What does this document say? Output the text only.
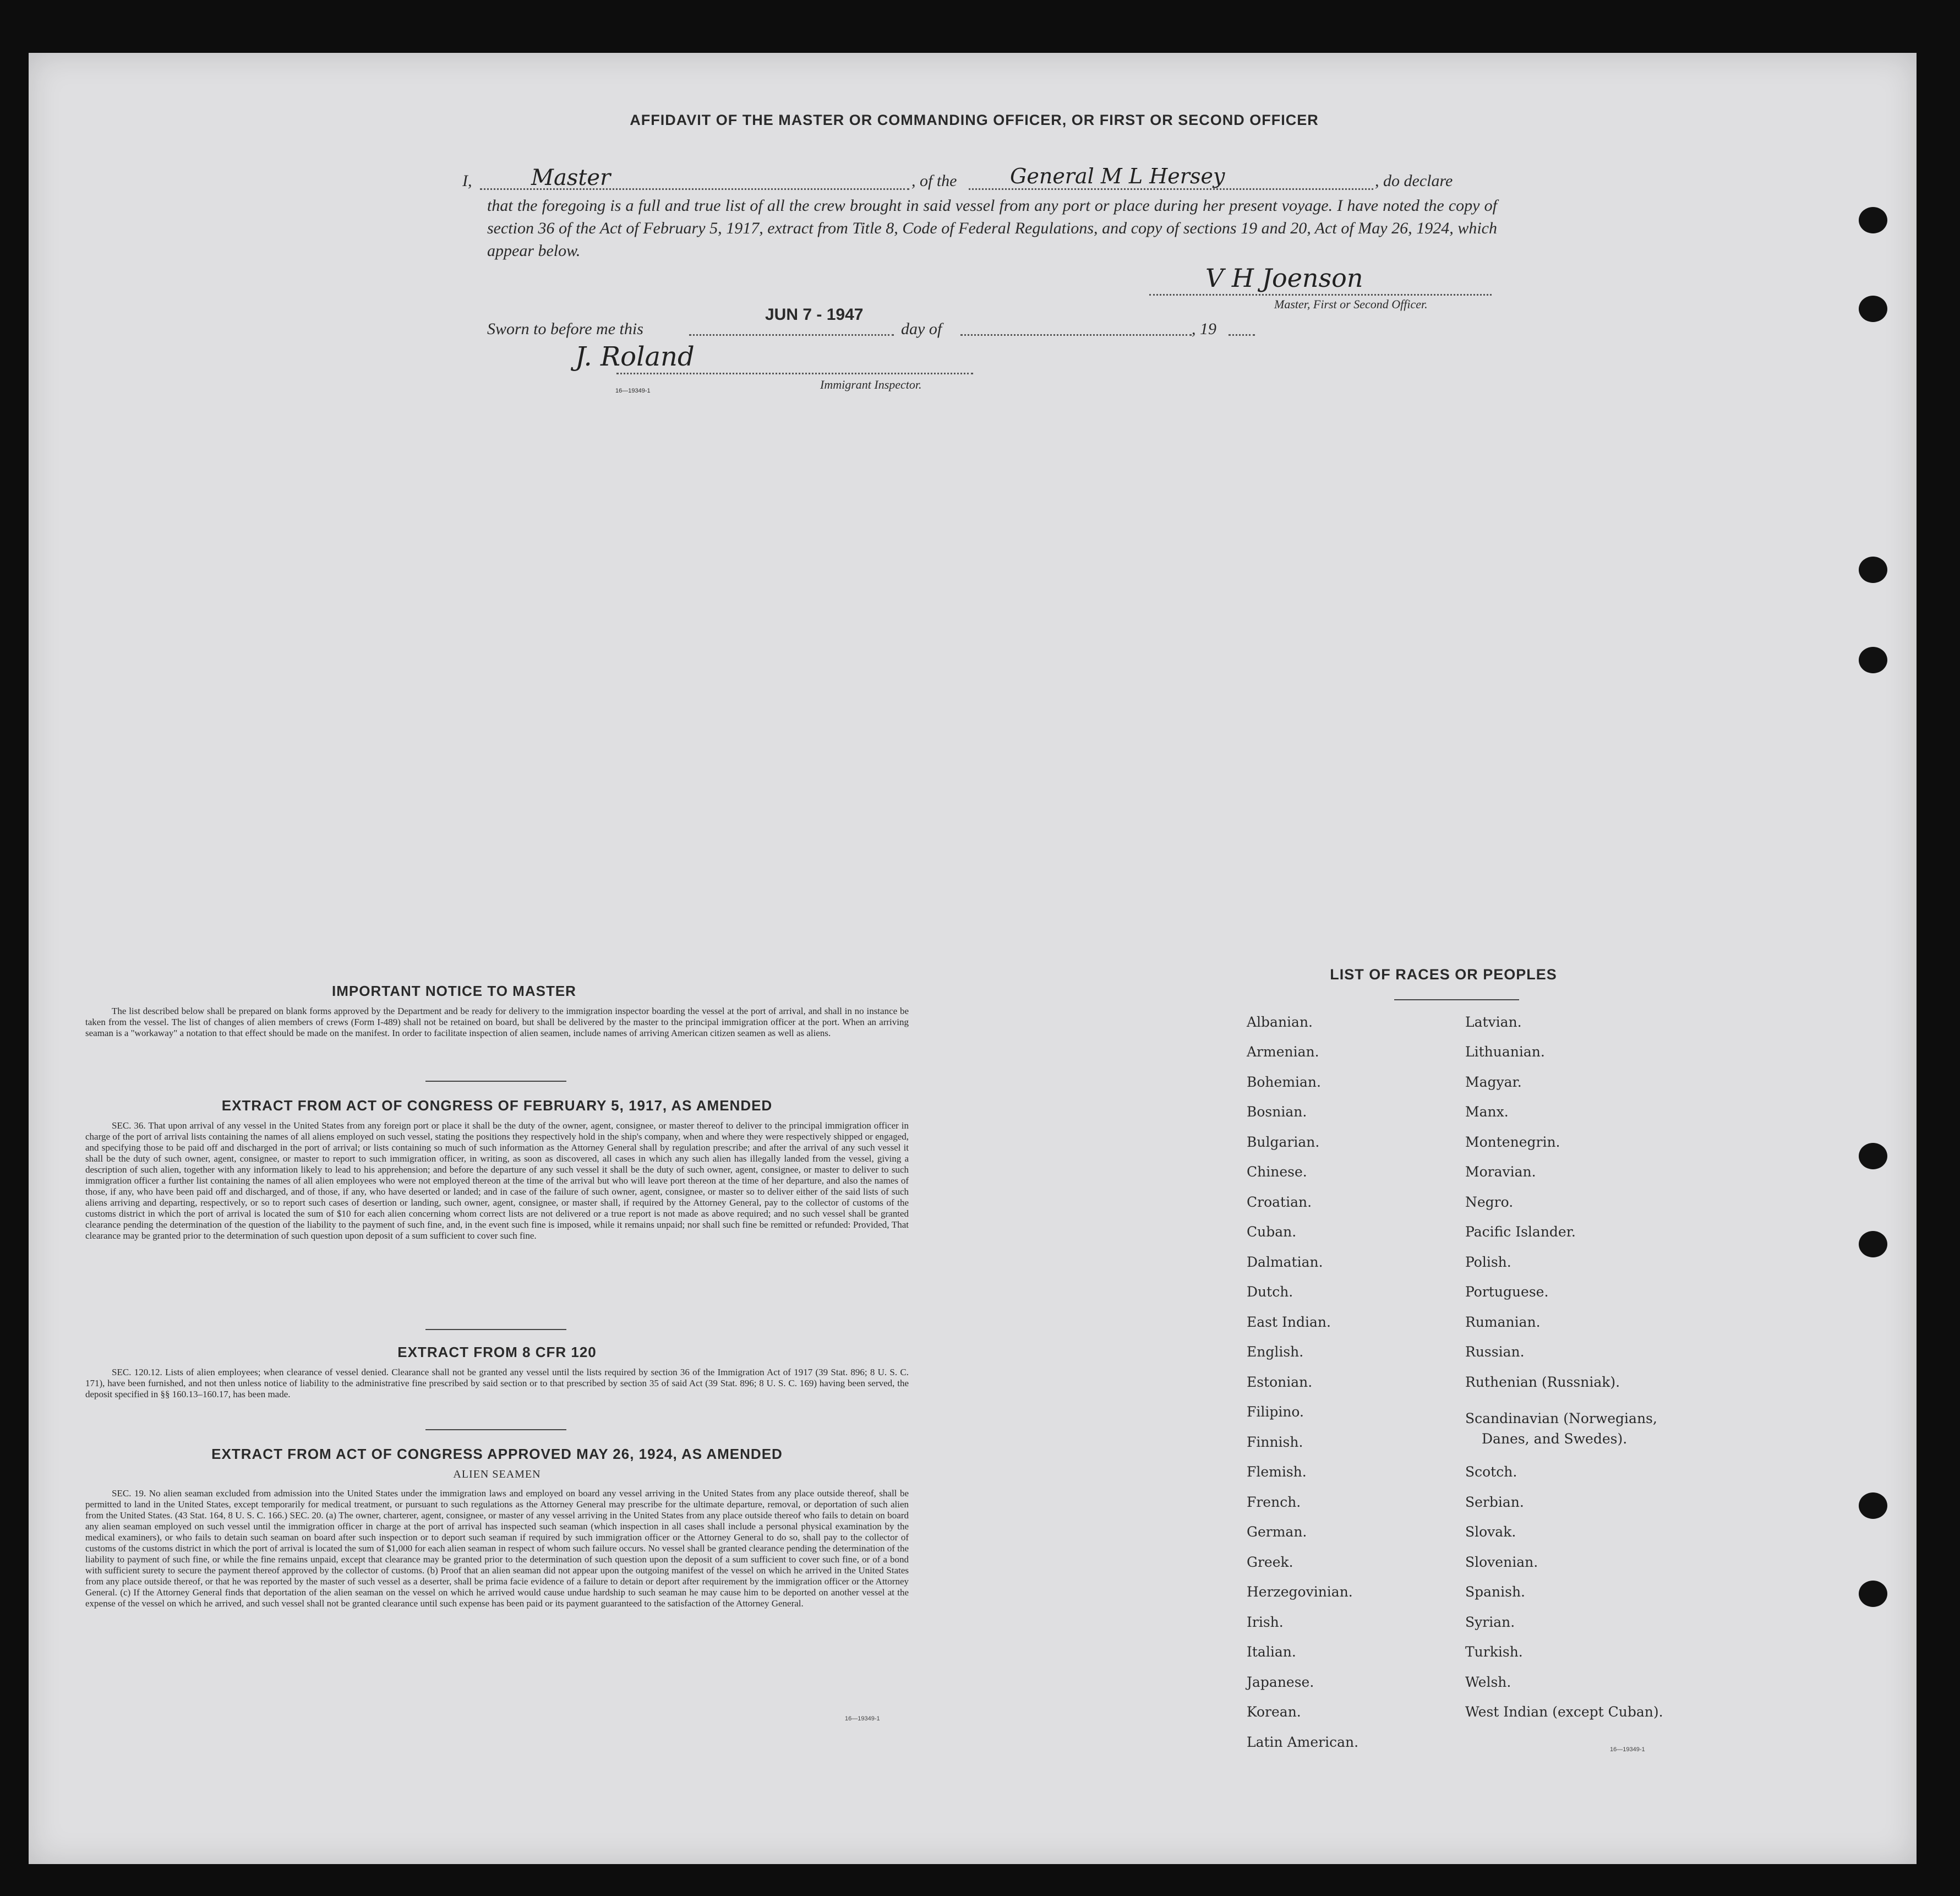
AFFIDAVIT OF THE MASTER OR COMMANDING OFFICER, OR FIRST OR SECOND OFFICER
I,	Master	, of the	General M L Hersey	, do declare
that the foregoing is a full and true list of all the crew brought in said vessel from any port or place during her present voyage. I have noted the copy of section 36 of the Act of February 5, 1917, extract from Title 8, Code of Federal Regulations, and copy of sections 19 and 20, Act of May 26, 1924, which appear below.
V H Joenson
Master, First or Second Officer.
Sworn to before me this
JUN 7 - 1947
day of	, 19
J. Roland
16—19349-1	Immigrant Inspector.
IMPORTANT NOTICE TO MASTER
The list described below shall be prepared on blank forms approved by the Department and be ready for delivery to the immigration inspector boarding the vessel at the port of arrival, and shall in no instance be taken from the vessel. The list of changes of alien members of crews (Form I-489) shall not be retained on board, but shall be delivered by the master to the principal immigration officer at the port. When an arriving seaman is a "workaway" a notation to that effect should be made on the manifest. In order to facilitate inspection of alien seamen, include names of arriving American citizen seamen as well as aliens.
EXTRACT FROM ACT OF CONGRESS OF FEBRUARY 5, 1917, AS AMENDED
SEC. 36. That upon arrival of any vessel in the United States from any foreign port or place it shall be the duty of the owner, agent, consignee, or master thereof to deliver to the principal immigration officer in charge of the port of arrival lists containing the names of all aliens employed on such vessel, stating the positions they respectively hold in the ship's company, when and where they were respectively shipped or engaged, and specifying those to be paid off and discharged in the port of arrival; or lists containing so much of such information as the Attorney General shall by regulation prescribe; and after the arrival of any such vessel it shall be the duty of such owner, agent, consignee, or master to report to such immigration officer, in writing, as soon as discovered, all cases in which any such alien has illegally landed from the vessel, giving a description of such alien, together with any information likely to lead to his apprehension; and before the departure of any such vessel it shall be the duty of such owner, agent, consignee, or master to deliver to such immigration officer a further list containing the names of all alien employees who were not employed thereon at the time of the arrival but who will leave port thereon at the time of her departure, and also the names of those, if any, who have been paid off and discharged, and of those, if any, who have deserted or landed; and in case of the failure of such owner, agent, consignee, or master so to deliver either of the said lists of such aliens arriving and departing, respectively, or so to report such cases of desertion or landing, such owner, agent, consignee, or master shall, if required by the Attorney General, pay to the collector of customs of the customs district in which the port of arrival is located the sum of $10 for each alien concerning whom correct lists are not delivered or a true report is not made as above required; and no such vessel shall be granted clearance pending the determination of the question of the liability to the payment of such fine, and, in the event such fine is imposed, while it remains unpaid; nor shall such fine be remitted or refunded: Provided, That clearance may be granted prior to the determination of such question upon deposit of a sum sufficient to cover such fine.
EXTRACT FROM 8 CFR 120
SEC. 120.12. Lists of alien employees; when clearance of vessel denied. Clearance shall not be granted any vessel until the lists required by section 36 of the Immigration Act of 1917 (39 Stat. 896; 8 U. S. C. 171), have been furnished, and not then unless notice of liability to the administrative fine prescribed by said section or to that prescribed by section 35 of said Act (39 Stat. 896; 8 U. S. C. 169) having been served, the deposit specified in §§ 160.13–160.17, has been made.
EXTRACT FROM ACT OF CONGRESS APPROVED MAY 26, 1924, AS AMENDED
ALIEN SEAMEN
SEC. 19. No alien seaman excluded from admission into the United States under the immigration laws and employed on board any vessel arriving in the United States from any place outside thereof, shall be permitted to land in the United States, except temporarily for medical treatment, or pursuant to such regulations as the Attorney General may prescribe for the ultimate departure, removal, or deportation of such alien from the United States. (43 Stat. 164, 8 U. S. C. 166.) SEC. 20. (a) The owner, charterer, agent, consignee, or master of any vessel arriving in the United States from any place outside thereof who fails to detain on board any alien seaman employed on such vessel until the immigration officer in charge at the port of arrival has inspected such seaman (which inspection in all cases shall include a personal physical examination by the medical examiners), or who fails to detain such seaman on board after such inspection or to deport such seaman if required by such immigration officer or the Attorney General to do so, shall pay to the collector of customs of the customs district in which the port of arrival is located the sum of $1,000 for each alien seaman in respect of whom such failure occurs. No vessel shall be granted clearance pending the determination of the liability to payment of such fine, or while the fine remains unpaid, except that clearance may be granted prior to the determination of such question upon the deposit of a sum sufficient to cover such fine, or of a bond with sufficient surety to secure the payment thereof approved by the collector of customs. (b) Proof that an alien seaman did not appear upon the outgoing manifest of the vessel on which he arrived in the United States from any place outside thereof, or that he was reported by the master of such vessel as a deserter, shall be prima facie evidence of a failure to detain or deport after requirement by the immigration officer or the Attorney General. (c) If the Attorney General finds that deportation of the alien seaman on the vessel on which he arrived would cause undue hardship to such seaman he may cause him to be deported on another vessel at the expense of the vessel on which he arrived, and such vessel shall not be granted clearance until such expense has been paid or its payment guaranteed to the satisfaction of the Attorney General.
16—19349-1
LIST OF RACES OR PEOPLES
Albanian.
Armenian.
Bohemian.
Bosnian.
Bulgarian.
Chinese.
Croatian.
Cuban.
Dalmatian.
Dutch.
East Indian.
English.
Estonian.
Filipino.
Finnish.
Flemish.
French.
German.
Greek.
Herzegovinian.
Irish.
Italian.
Japanese.
Korean.
Latin American.
Latvian.
Lithuanian.
Magyar.
Manx.
Montenegrin.
Moravian.
Negro.
Pacific Islander.
Polish.
Portuguese.
Rumanian.
Russian.
Ruthenian (Russniak).
Scandinavian (Norwegians,
Danes, and Swedes).
Scotch.
Serbian.
Slovak.
Slovenian.
Spanish.
Syrian.
Turkish.
Welsh.
West Indian (except Cuban).
16—19349-1
